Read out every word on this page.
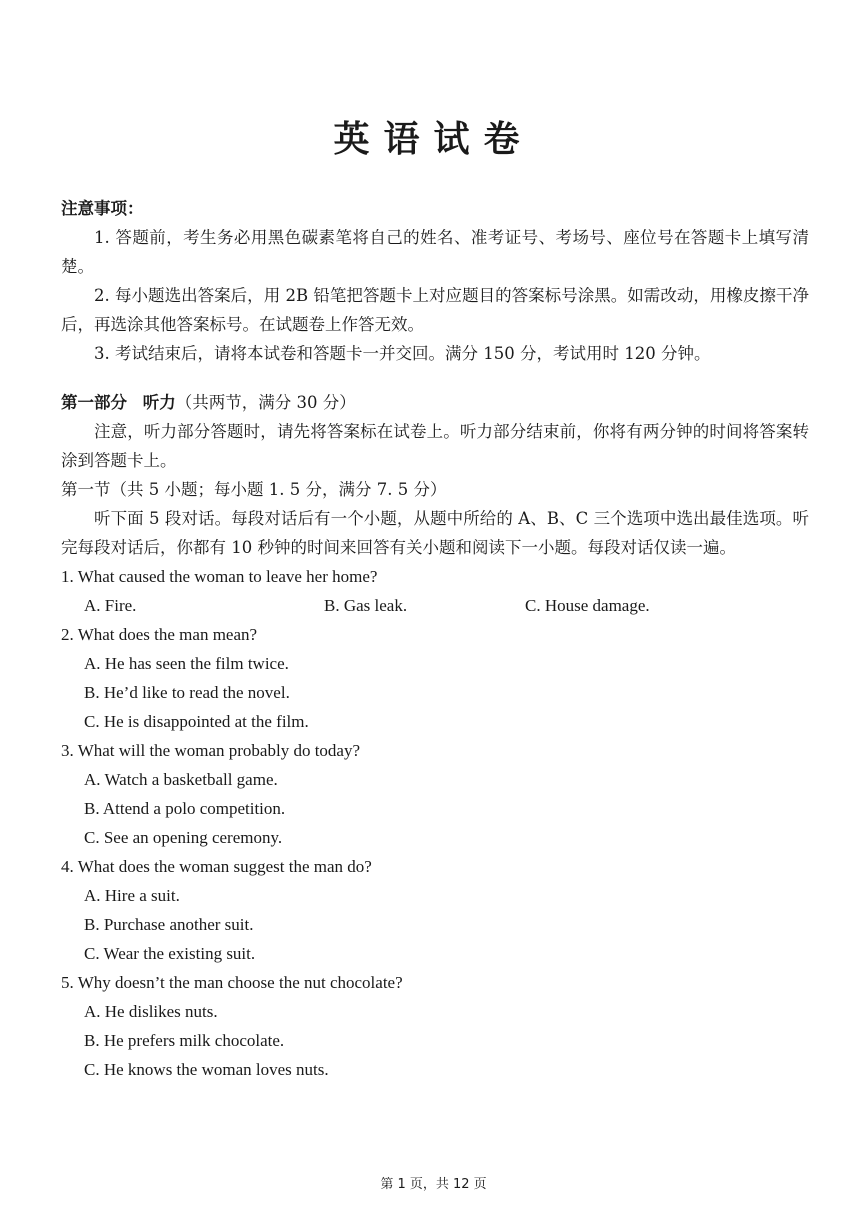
英语试卷
注意事项：

1. 答题前，考生务必用黑色碳素笔将自己的姓名、准考证号、考场号、座位号在答题卡上填写清楚。

2. 每小题选出答案后，用 2B 铅笔把答题卡上对应题目的答案标号涂黑。如需改动，用橡皮擦干净后，再选涂其他答案标号。在试题卷上作答无效。

3. 考试结束后，请将本试卷和答题卡一并交回。满分 150 分，考试用时 120 分钟。

第一部分 听力（共两节，满分 30 分）

注意，听力部分答题时，请先将答案标在试卷上。听力部分结束前，你将有两分钟的时间将答案转涂到答题卡上。

第一节（共 5 小题；每小题 1. 5 分，满分 7. 5 分）

听下面 5 段对话。每段对话后有一个小题，从题中所给的 A、B、C 三个选项中选出最佳选项。听完每段对话后，你都有 10 秒钟的时间来回答有关小题和阅读下一小题。每段对话仅读一遍。

1. What caused the woman to leave her home?

A. Fire.	B. Gas leak.	C. House damage.

2. What does the man mean?

A. He has seen the film twice.

B. He’d like to read the novel.

C. He is disappointed at the film.

3. What will the woman probably do today?

A. Watch a basketball game.

B. Attend a polo competition.

C. See an opening ceremony.

4. What does the woman suggest the man do?

A. Hire a suit.

B. Purchase another suit.

C. Wear the existing suit.

5. Why doesn’t the man choose the nut chocolate?

A. He dislikes nuts.

B. He prefers milk chocolate.

C. He knows the woman loves nuts.

第 1 页，共 12 页
